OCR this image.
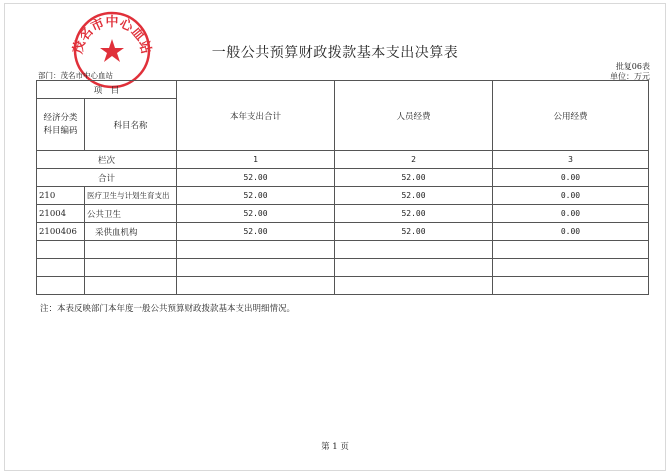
茂名市中心血站	一般公共预算财政拨款基本支出决算表
批复06表
单位：万元
部门：茂名市中心血站
项　目		本年支出合计	人员经费	公用经费
经济分类
科目编码	科目名称			

栏次		1	2	3
合计		52.00	52.00	0.00
210	医疗卫生与计划生育支出	52.00	52.00	0.00
21004	公共卫生	52.00	52.00	0.00
2100406	采供血机构	52.00	52.00	0.00

注：本表反映部门本年度一般公共预算财政拨款基本支出明细情况。
第 1 页
